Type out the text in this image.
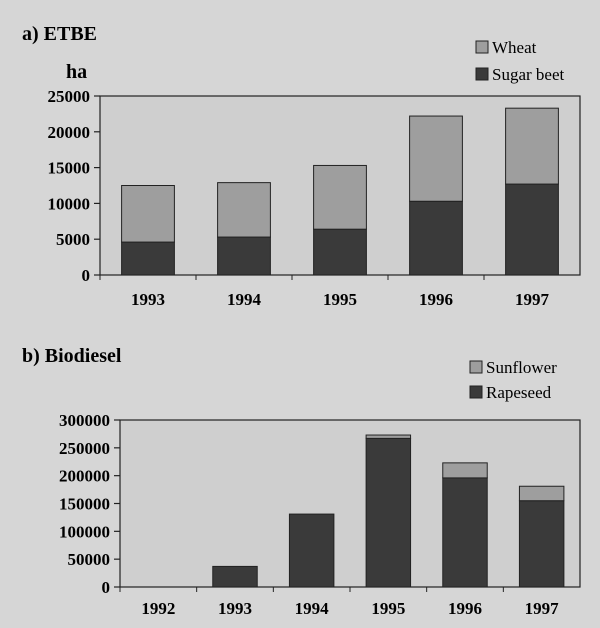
a) ETBE
ha
0
5000
10000
15000
20000
25000
1993	1994	1995	1996	1997
Wheat
Sugar beet
b) Biodiesel
0
50000
100000
150000
200000
250000
300000
1992	1993	1994	1995	1996	1997
Sunflower
Rapeseed
